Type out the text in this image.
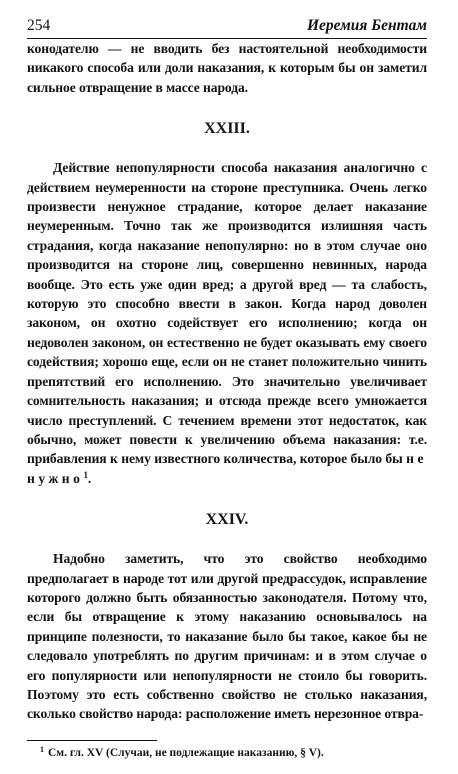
254	Иеремия Бентам

конодателю — не вводить без настоятельной необходимости никакого способа или доли наказания, к которым бы он заметил сильное отвращение в массе народа.

XXIII.

Действие непопулярности способа наказания аналогично с действием неумеренности на стороне преступника. Очень легко произвести ненужное страдание, которое делает наказание неумеренным. Точно так же производится излишняя часть страдания, когда наказание непопулярно: но в этом случае оно производится на стороне лиц, совершенно невинных, народа вообще. Это есть уже один вред; а другой вред — та слабость, которую это способно ввести в закон. Когда народ доволен законом, он охотно содействует его исполнению; когда он недоволен законом, он естественно не будет оказывать ему своего содействия; хорошо еще, если он не станет положительно чинить препятствий его исполнению. Это значительно увеличивает сомнительность наказания; и отсюда прежде всего умножается число преступлений. С течением времени этот недостаток, как обычно, может повести к увеличению объема наказания: т.е. прибавления к нему известного количества, которое было бы не нужно$^1$.

XXIV.

Надобно заметить, что это свойство необходимо предполагает в народе тот или другой предрассудок, исправление которого должно быть обязанностью законодателя. Потому что, если бы отвращение к этому наказанию основывалось на принципе полезности, то наказание было бы такое, какое бы не следовало употреблять по другим причинам: и в этом случае о его популярности или непопулярности не стоило бы говорить. Поэтому это есть собственно свойство не столько наказания, сколько свойство народа: расположение иметь нерезонное отвра-

$^1$ См. гл. XV (Случаи, не подлежащие наказанию, § V).
